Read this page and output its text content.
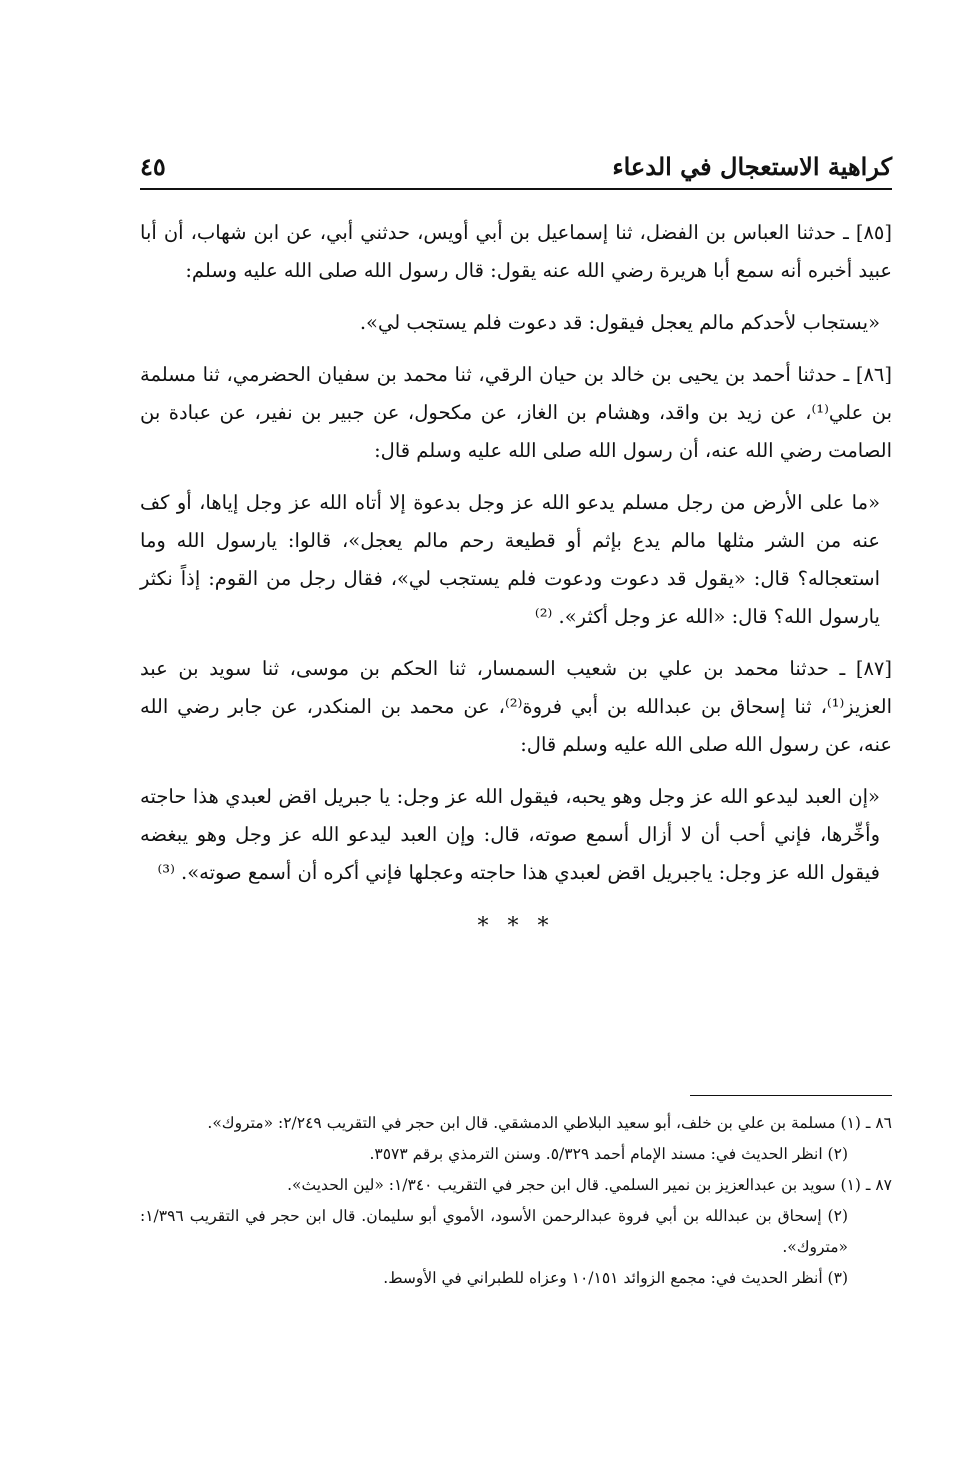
كراهية الاستعجال في الدعاء
٤٥

[٨٥] ـ حدثنا العباس بن الفضل، ثنا إسماعيل بن أبي أويس، حدثني أبي، عن ابن شهاب، أن أبا عبيد أخبره أنه سمع أبا هريرة رضي الله عنه يقول: قال رسول الله صلى الله عليه وسلم:

«يستجاب لأحدكم مالم يعجل فيقول: قد دعوت فلم يستجب لي».

[٨٦] ـ حدثنا أحمد بن يحيى بن خالد بن حيان الرقي، ثنا محمد بن سفيان الحضرمي، ثنا مسلمة بن علي⁽¹⁾، عن زيد بن واقد، وهشام بن الغاز، عن مكحول، عن جبير بن نفير، عن عبادة بن الصامت رضي الله عنه، أن رسول الله صلى الله عليه وسلم قال:

«ما على الأرض من رجل مسلم يدعو الله عز وجل بدعوة إلا أتاه الله عز وجل إياها، أو كف عنه من الشر مثلها مالم يدع بإثم أو قطيعة رحم مالم يعجل»، قالوا: يارسول الله وما استعجاله؟ قال: «يقول قد دعوت ودعوت فلم يستجب لي»، فقال رجل من القوم: إذاً نكثر يارسول الله؟ قال: «الله عز وجل أكثر». ⁽²⁾

[٨٧] ـ حدثنا محمد بن علي بن شعيب السمسار، ثنا الحكم بن موسى، ثنا سويد بن عبد العزيز⁽¹⁾، ثنا إسحاق بن عبدالله بن أبي فروة⁽²⁾، عن محمد بن المنكدر، عن جابر رضي الله عنه، عن رسول الله صلى الله عليه وسلم قال:

«إن العبد ليدعو الله عز وجل وهو يحبه، فيقول الله عز وجل: يا جبريل اقض لعبدي هذا حاجته وأخِّرها، فإني أحب أن لا أزال أسمع صوته، قال: وإن العبد ليدعو الله عز وجل وهو يبغضه فيقول الله عز وجل: ياجبريل اقض لعبدي هذا حاجته وعجلها فإني أكره أن أسمع صوته». ⁽³⁾

* * *

٨٦ ـ (١) مسلمة بن علي بن خلف، أبو سعيد البلاطي الدمشقي. قال ابن حجر في التقريب ٢/٢٤٩: «متروك».

(٢) انظر الحديث في: مسند الإمام أحمد ٥/٣٢٩. وسنن الترمذي برقم ٣٥٧٣.

٨٧ ـ (١) سويد بن عبدالعزيز بن نمير السلمي. قال ابن حجر في التقريب ١/٣٤٠: «لين الحديث».

(٢) إسحاق بن عبدالله بن أبي فروة عبدالرحمن الأسود، الأموي أبو سليمان. قال ابن حجر في التقريب ١/٣٩٦: «متروك».

(٣) أنظر الحديث في: مجمع الزوائد ١٠/١٥١ وعزاه للطبراني في الأوسط.
